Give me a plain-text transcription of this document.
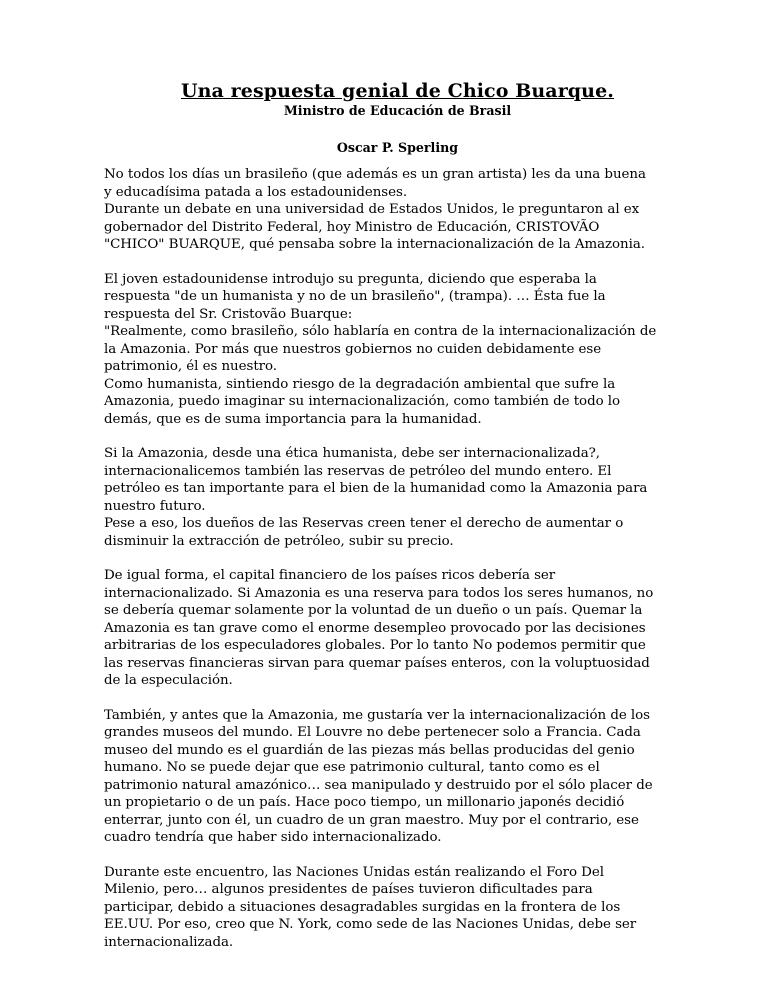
Una respuesta genial de Chico Buarque.
Ministro de Educación de Brasil
Oscar P. Sperling
No todos los días un brasileño (que además es un gran artista) les da una buena
y educadísima patada a los estadounidenses.
Durante un debate en una universidad de Estados Unidos, le preguntaron al ex
gobernador del Distrito Federal, hoy Ministro de Educación, CRISTOVÃO
"CHICO" BUARQUE, qué pensaba sobre la internacionalización de la Amazonia.
El joven estadounidense introdujo su pregunta, diciendo que esperaba la
respuesta "de un humanista y no de un brasileño", (trampa). … Ésta fue la
respuesta del Sr. Cristovão Buarque:
"Realmente, como brasileño, sólo hablaría en contra de la internacionalización de
la Amazonia. Por más que nuestros gobiernos no cuiden debidamente ese
patrimonio, él es nuestro.
Como humanista, sintiendo riesgo de la degradación ambiental que sufre la
Amazonia, puedo imaginar su internacionalización, como también de todo lo
demás, que es de suma importancia para la humanidad.
Si la Amazonia, desde una ética humanista, debe ser internacionalizada?,
internacionalicemos también las reservas de petróleo del mundo entero. El
petróleo es tan importante para el bien de la humanidad como la Amazonia para
nuestro futuro.
Pese a eso, los dueños de las Reservas creen tener el derecho de aumentar o
disminuir la extracción de petróleo, subir su precio.
De igual forma, el capital financiero de los países ricos debería ser
internacionalizado. Si Amazonia es una reserva para todos los seres humanos, no
se debería quemar solamente por la voluntad de un dueño o un país. Quemar la
Amazonia es tan grave como el enorme desempleo provocado por las decisiones
arbitrarias de los especuladores globales. Por lo tanto No podemos permitir que
las reservas financieras sirvan para quemar países enteros, con la voluptuosidad
de la especulación.
También, y antes que la Amazonia, me gustaría ver la internacionalización de los
grandes museos del mundo. El Louvre no debe pertenecer solo a Francia. Cada
museo del mundo es el guardián de las piezas más bellas producidas del genio
humano. No se puede dejar que ese patrimonio cultural, tanto como es el
patrimonio natural amazónico… sea manipulado y destruido por el sólo placer de
un propietario o de un país. Hace poco tiempo, un millonario japonés decidió
enterrar, junto con él, un cuadro de un gran maestro. Muy por el contrario, ese
cuadro tendría que haber sido internacionalizado.
Durante este encuentro, las Naciones Unidas están realizando el Foro Del
Milenio, pero… algunos presidentes de países tuvieron dificultades para
participar, debido a situaciones desagradables surgidas en la frontera de los
EE.UU. Por eso, creo que N. York, como sede de las Naciones Unidas, debe ser
internacionalizada.
